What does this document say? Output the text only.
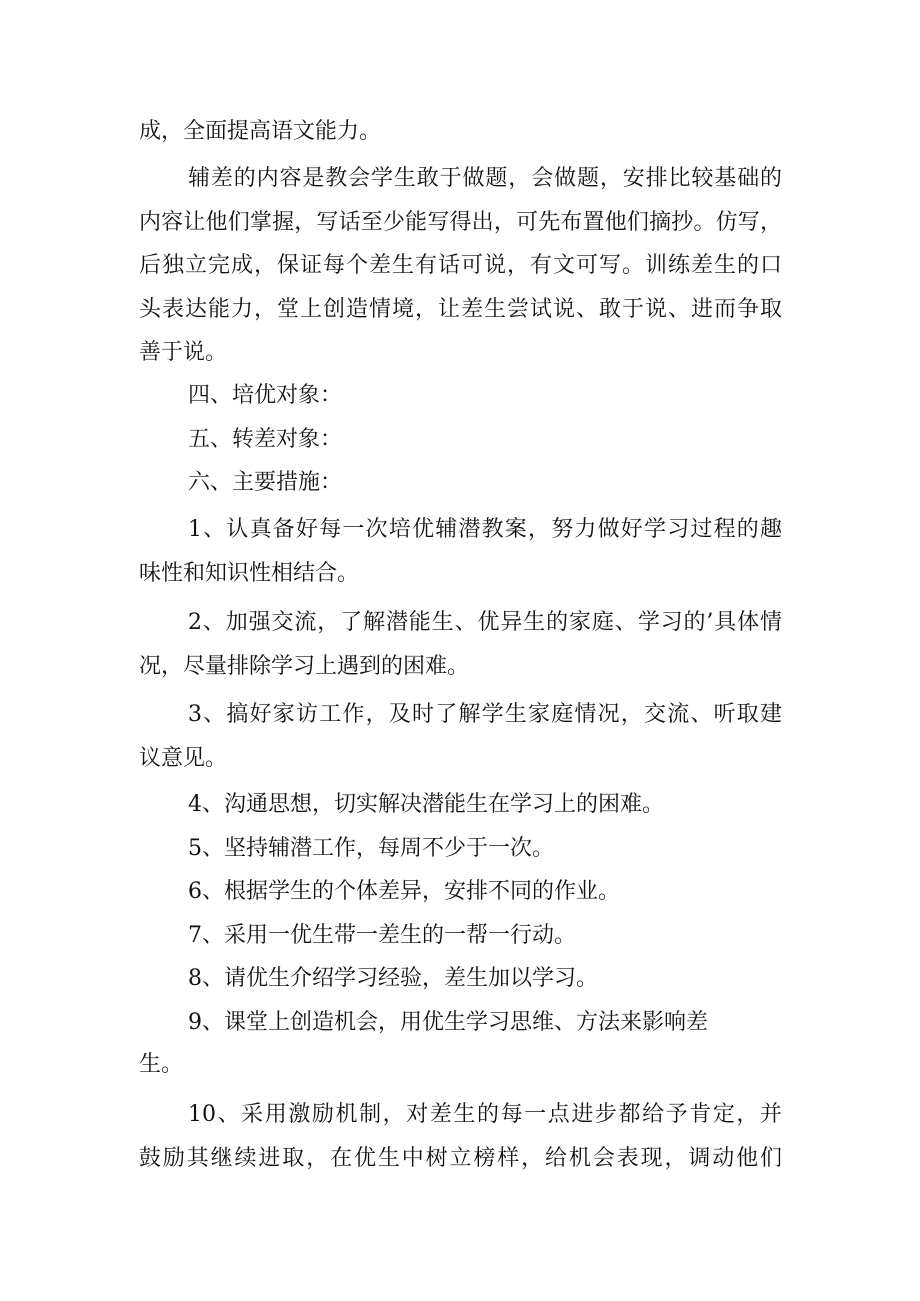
成，全面提高语文能力。
辅差的内容是教会学生敢于做题，会做题，安排比较基础的
内容让他们掌握，写话至少能写得出，可先布置他们摘抄。仿写，
后独立完成，保证每个差生有话可说，有文可写。训练差生的口
头表达能力，堂上创造情境，让差生尝试说、敢于说、进而争取
善于说。
四、培优对象：
五、转差对象：
六、主要措施：
1、认真备好每一次培优辅潜教案，努力做好学习过程的趣
味性和知识性相结合。
2、加强交流，了解潜能生、优异生的家庭、学习的’具体情
况，尽量排除学习上遇到的困难。
3、搞好家访工作，及时了解学生家庭情况，交流、听取建
议意见。
4、沟通思想，切实解决潜能生在学习上的困难。
5、坚持辅潜工作，每周不少于一次。
6、根据学生的个体差异，安排不同的作业。
7、采用一优生带一差生的一帮一行动。
8、请优生介绍学习经验，差生加以学习。
9、课堂上创造机会，用优生学习思维、方法来影响差
生。
10、采用激励机制，对差生的每一点进步都给予肯定，并
鼓励其继续进取，在优生中树立榜样，给机会表现，调动他们
